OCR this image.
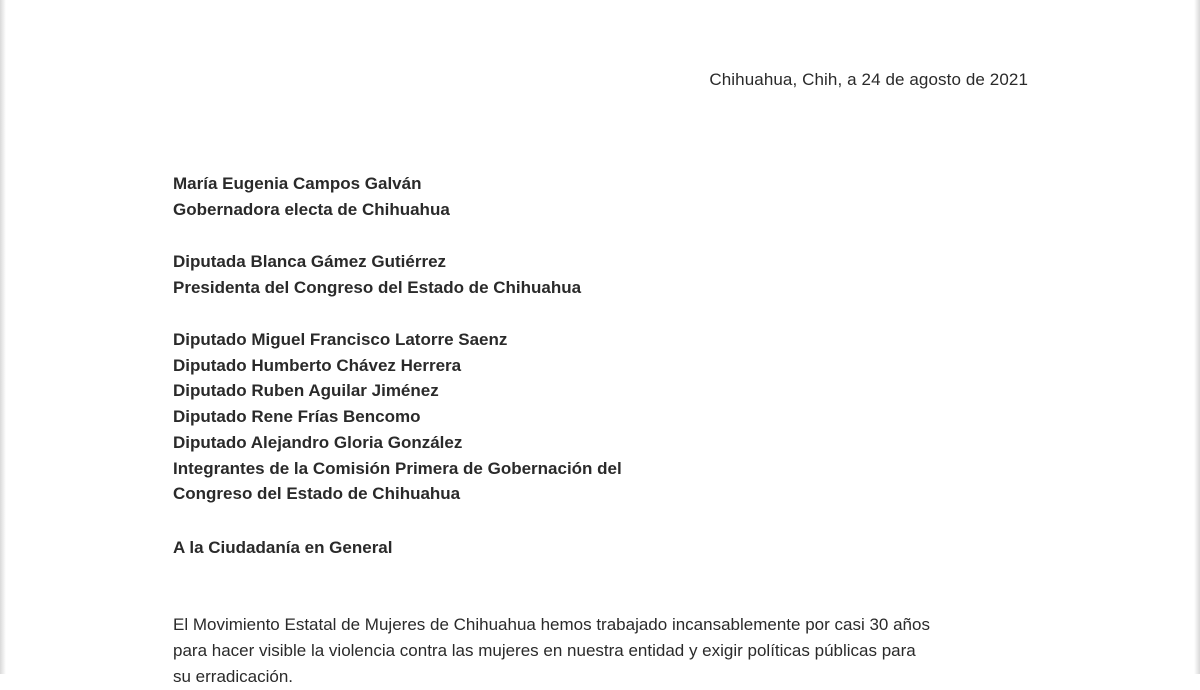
Chihuahua, Chih, a 24 de agosto de 2021
María Eugenia Campos Galván
Gobernadora electa de Chihuahua
Diputada Blanca Gámez Gutiérrez
Presidenta del Congreso del Estado de Chihuahua
Diputado Miguel Francisco Latorre Saenz
Diputado Humberto Chávez Herrera
Diputado Ruben Aguilar Jiménez
Diputado Rene Frías Bencomo
Diputado Alejandro Gloria González
Integrantes de la Comisión Primera de Gobernación del
Congreso del Estado de Chihuahua
A la Ciudadanía en General
El Movimiento Estatal de Mujeres de Chihuahua hemos trabajado incansablemente por casi 30 años
para hacer visible la violencia contra las mujeres en nuestra entidad y exigir políticas públicas para
su erradicación.
